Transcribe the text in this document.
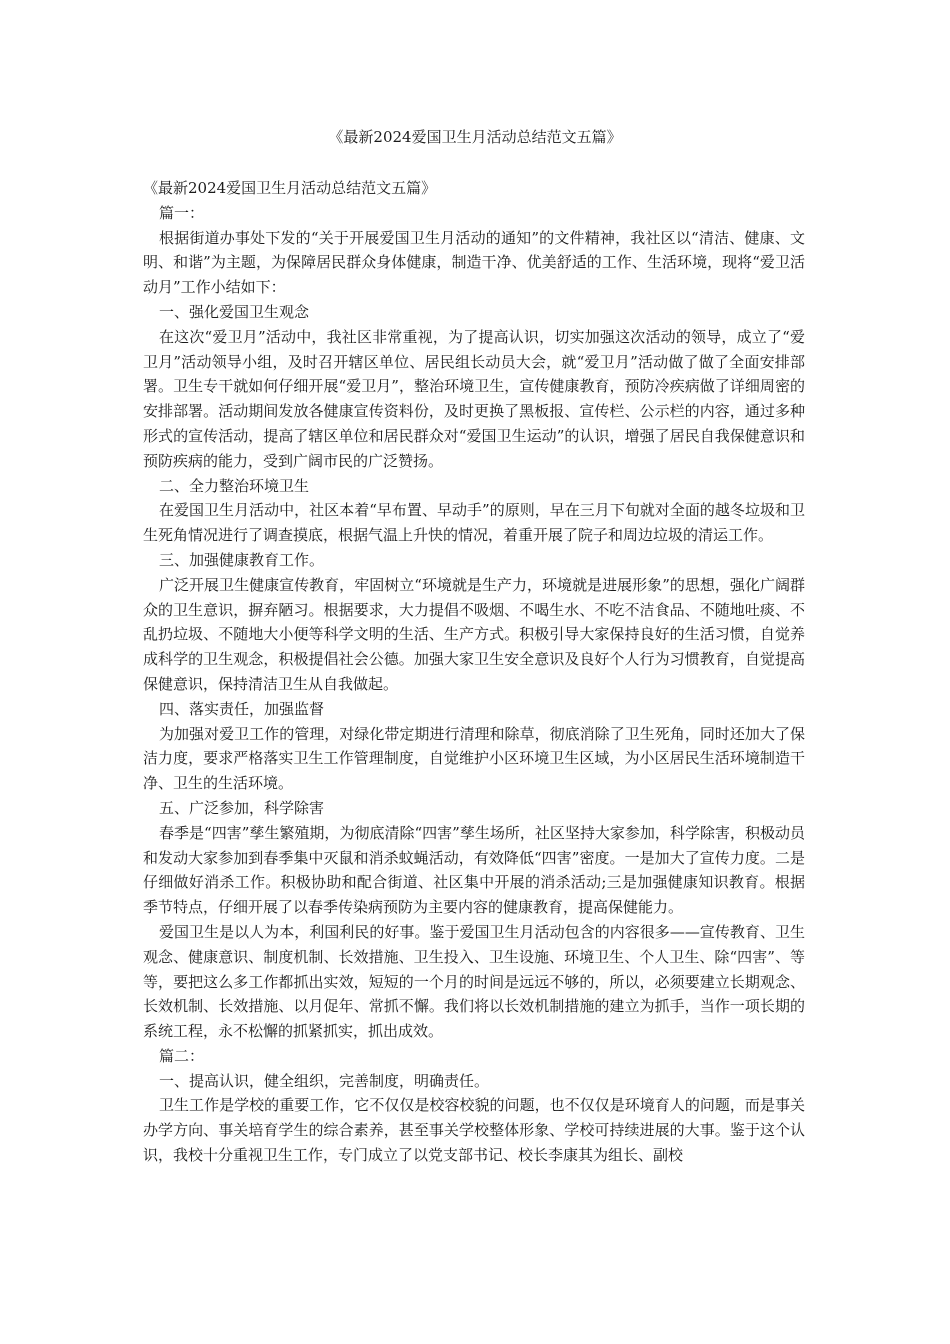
《最新2024爱国卫生月活动总结范文五篇》

《最新2024爱国卫生月活动总结范文五篇》

篇一：

根据街道办事处下发的“关于开展爱国卫生月活动的通知”的文件精神，我社区以“清洁、健康、文明、和谐”为主题，为保障居民群众身体健康，制造干净、优美舒适的工作、生活环境，现将“爱卫活动月”工作小结如下：

一、强化爱国卫生观念

在这次“爱卫月”活动中，我社区非常重视，为了提高认识，切实加强这次活动的领导，成立了“爱卫月”活动领导小组，及时召开辖区单位、居民组长动员大会，就“爱卫月”活动做了做了全面安排部署。卫生专干就如何仔细开展“爱卫月”，整治环境卫生，宣传健康教育，预防冷疾病做了详细周密的安排部署。活动期间发放各健康宣传资料份，及时更换了黑板报、宣传栏、公示栏的内容，通过多种形式的宣传活动，提高了辖区单位和居民群众对“爱国卫生运动”的认识，增强了居民自我保健意识和预防疾病的能力，受到广阔市民的广泛赞扬。

二、全力整治环境卫生

在爱国卫生月活动中，社区本着“早布置、早动手”的原则，早在三月下旬就对全面的越冬垃圾和卫生死角情况进行了调查摸底，根据气温上升快的情况，着重开展了院子和周边垃圾的清运工作。

三、加强健康教育工作。

广泛开展卫生健康宣传教育，牢固树立“环境就是生产力，环境就是进展形象”的思想，强化广阔群众的卫生意识，摒弃陋习。根据要求，大力提倡不吸烟、不喝生水、不吃不洁食品、不随地吐痰、不乱扔垃圾、不随地大小便等科学文明的生活、生产方式。积极引导大家保持良好的生活习惯，自觉养成科学的卫生观念，积极提倡社会公德。加强大家卫生安全意识及良好个人行为习惯教育，自觉提高保健意识，保持清洁卫生从自我做起。

四、落实责任，加强监督

为加强对爱卫工作的管理，对绿化带定期进行清理和除草，彻底消除了卫生死角，同时还加大了保洁力度，要求严格落实卫生工作管理制度，自觉维护小区环境卫生区域，为小区居民生活环境制造干净、卫生的生活环境。

五、广泛参加，科学除害

春季是“四害”孳生繁殖期，为彻底清除“四害”孳生场所，社区坚持大家参加，科学除害，积极动员和发动大家参加到春季集中灭鼠和消杀蚊蝇活动，有效降低“四害”密度。一是加大了宣传力度。二是仔细做好消杀工作。积极协助和配合街道、社区集中开展的消杀活动;三是加强健康知识教育。根据季节特点，仔细开展了以春季传染病预防为主要内容的健康教育，提高保健能力。

爱国卫生是以人为本，利国利民的好事。鉴于爱国卫生月活动包含的内容很多——宣传教育、卫生观念、健康意识、制度机制、长效措施、卫生投入、卫生设施、环境卫生、个人卫生、除“四害”、等等，要把这么多工作都抓出实效，短短的一个月的时间是远远不够的，所以，必须要建立长期观念、长效机制、长效措施、以月促年、常抓不懈。我们将以长效机制措施的建立为抓手，当作一项长期的系统工程，永不松懈的抓紧抓实，抓出成效。

篇二：

一、提高认识，健全组织，完善制度，明确责任。

卫生工作是学校的重要工作，它不仅仅是校容校貌的问题，也不仅仅是环境育人的问题，而是事关办学方向、事关培育学生的综合素养，甚至事关学校整体形象、学校可持续进展的大事。鉴于这个认识，我校十分重视卫生工作，专门成立了以党支部书记、校长李康其为组长、副校
